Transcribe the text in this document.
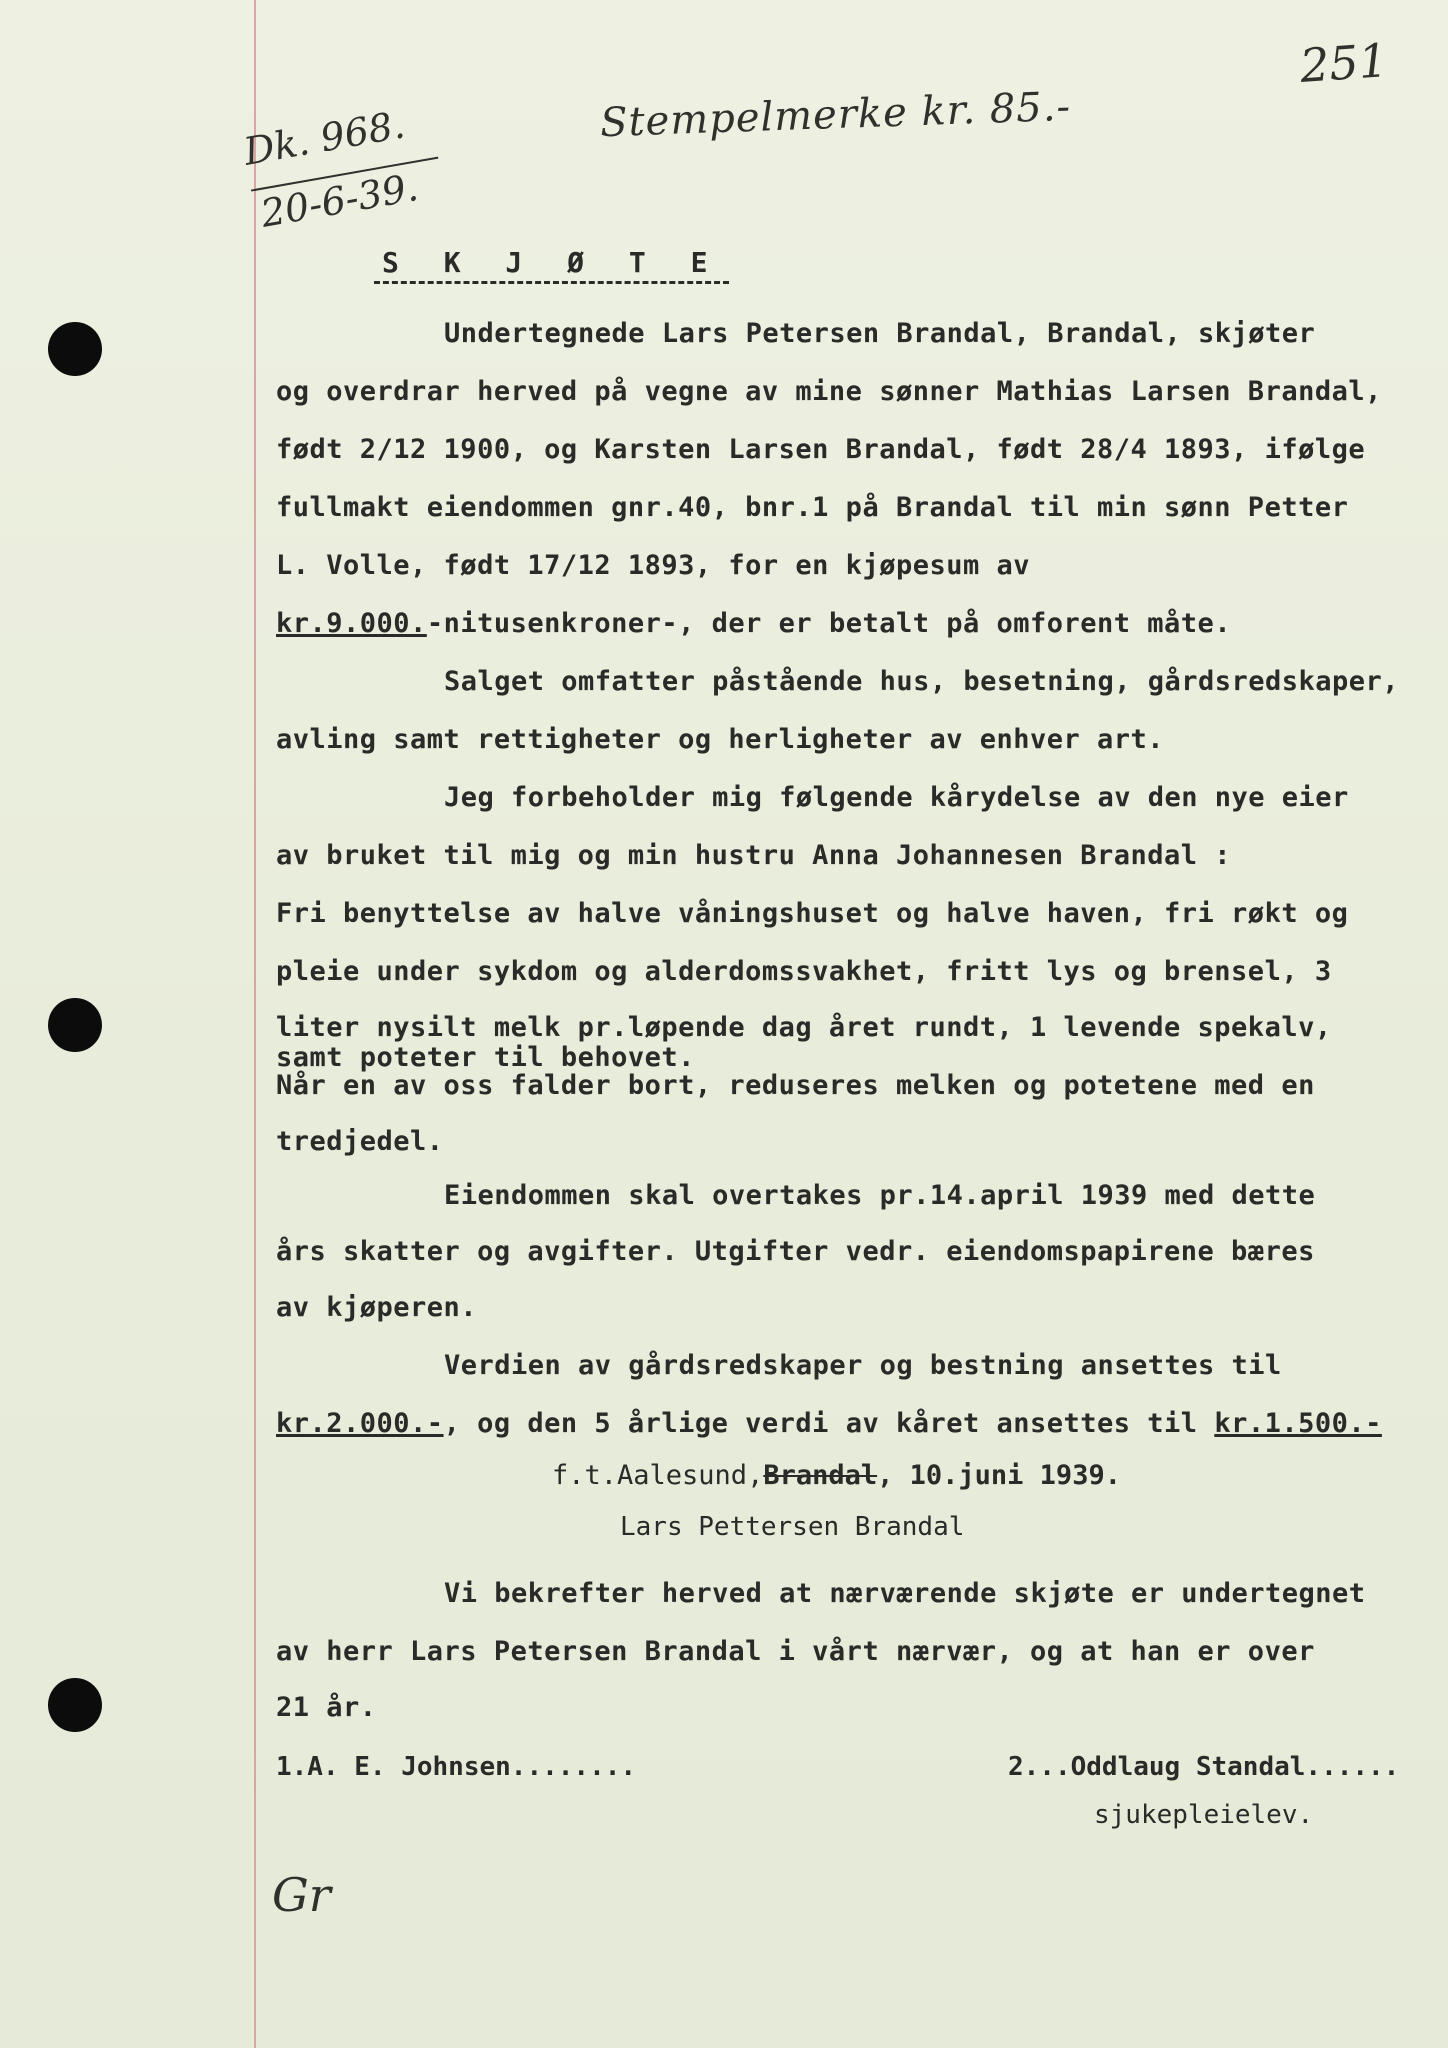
251
Stempelmerke kr. 85.-
Dk. 968.
20-6-39.
S K J Ø T E
Undertegnede Lars Petersen Brandal, Brandal, skjøter
og overdrar herved på vegne av mine sønner Mathias Larsen Brandal,
født 2/12 1900, og Karsten Larsen Brandal, født 28/4 1893, ifølge
fullmakt eiendommen gnr.40, bnr.1 på Brandal til min sønn Petter
L. Volle, født 17/12 1893, for en kjøpesum av
kr.9.000.-nitusenkroner-, der er betalt på omforent måte.
Salget omfatter påstående hus, besetning, gårdsredskaper,
avling samt rettigheter og herligheter av enhver art.
Jeg forbeholder mig følgende kårydelse av den nye eier
av bruket til mig og min hustru Anna Johannesen Brandal :
Fri benyttelse av halve våningshuset og halve haven, fri røkt og
pleie under sykdom og alderdomssvakhet, fritt lys og brensel, 3
liter nysilt melk pr.løpende dag året rundt, 1 levende spekalv,
samt poteter til behovet.
Når en av oss falder bort, reduseres melken og potetene med en
tredjedel.
Eiendommen skal overtakes pr.14.april 1939 med dette
års skatter og avgifter. Utgifter vedr. eiendomspapirene bæres
av kjøperen.
Verdien av gårdsredskaper og bestning ansettes til
kr.2.000.-, og den 5 årlige verdi av kåret ansettes til kr.1.500.-
f.t.Aalesund,Brandal, 10.juni 1939.
Lars Pettersen Brandal
Vi bekrefter herved at nærværende skjøte er undertegnet
av herr Lars Petersen Brandal i vårt nærvær, og at han er over
21 år.
1.A. E. Johnsen........	2...Oddlaug Standal......
sjukepleielev.
Gr
